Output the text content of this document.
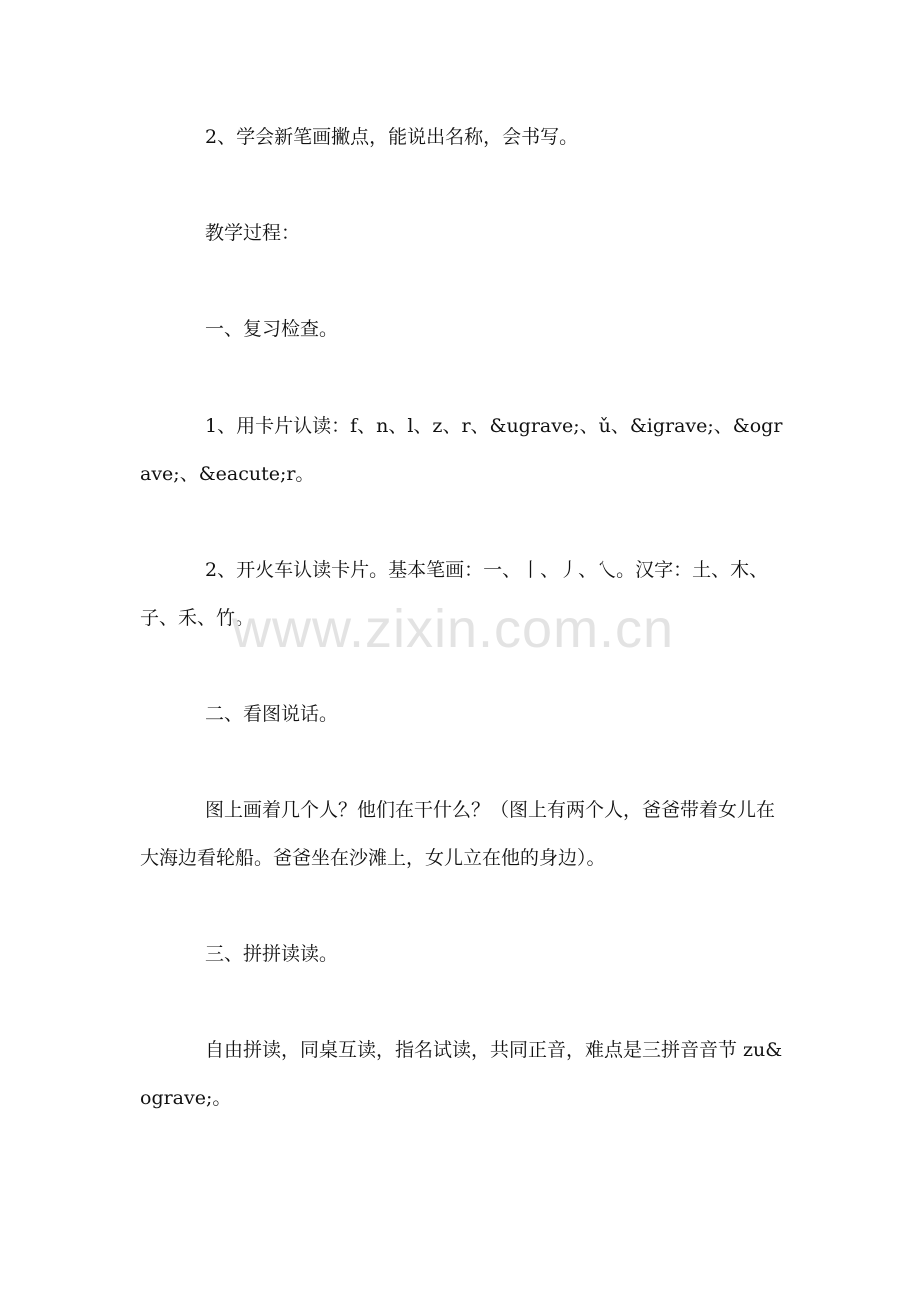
2、学会新笔画撇点，能说出名称，会书写。

教学过程：

一、复习检查。

1、用卡片认读：f、n、l、z、r、&ugrave;、ǔ、&igrave;、&ograve;、&eacute;r。

2、开火车认读卡片。基本笔画：一、丨、丿、乀。汉字：土、木、子、禾、竹。

二、看图说话。

图上画着几个人？他们在干什么？（图上有两个人，爸爸带着女儿在大海边看轮船。爸爸坐在沙滩上，女儿立在他的身边）。

三、拼拼读读。

自由拼读，同桌互读，指名试读，共同正音，难点是三拼音音节 zu&ograve;。

www.zixin.com.cn
